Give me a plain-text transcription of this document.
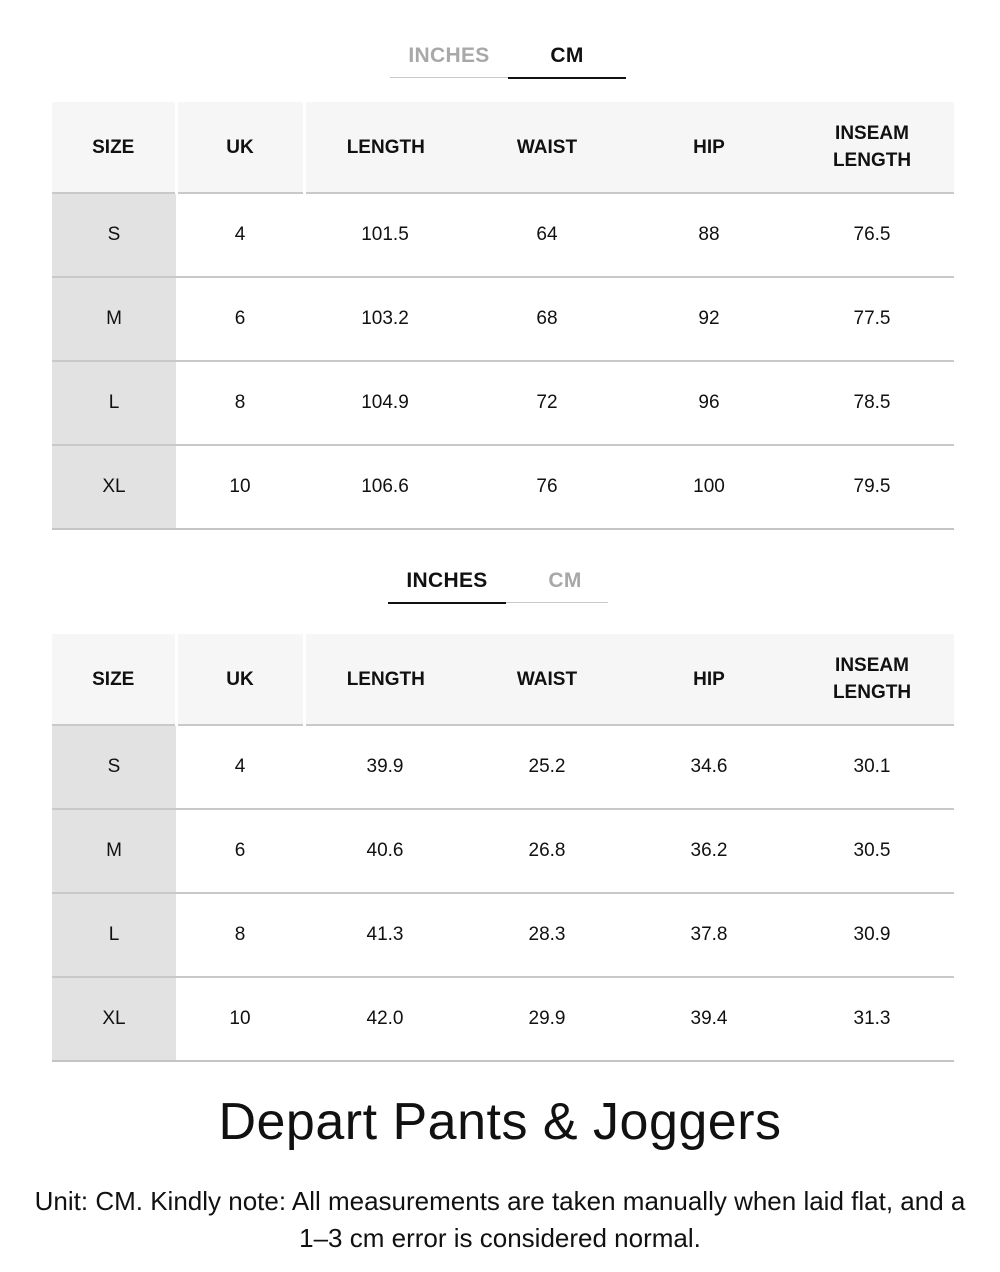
INCHES	CM
SIZE	UK	LENGTH	WAIST	HIP	INSEAM LENGTH
S	4	101.5	64	88	76.5
M	6	103.2	68	92	77.5
L	8	104.9	72	96	78.5
XL	10	106.6	76	100	79.5
INCHES	CM
SIZE	UK	LENGTH	WAIST	HIP	INSEAM LENGTH
S	4	39.9	25.2	34.6	30.1
M	6	40.6	26.8	36.2	30.5
L	8	41.3	28.3	37.8	30.9
XL	10	42.0	29.9	39.4	31.3
Depart Pants & Joggers

Unit: CM. Kindly note: All measurements are taken manually when laid flat, and a 1–3 cm error is considered normal.
